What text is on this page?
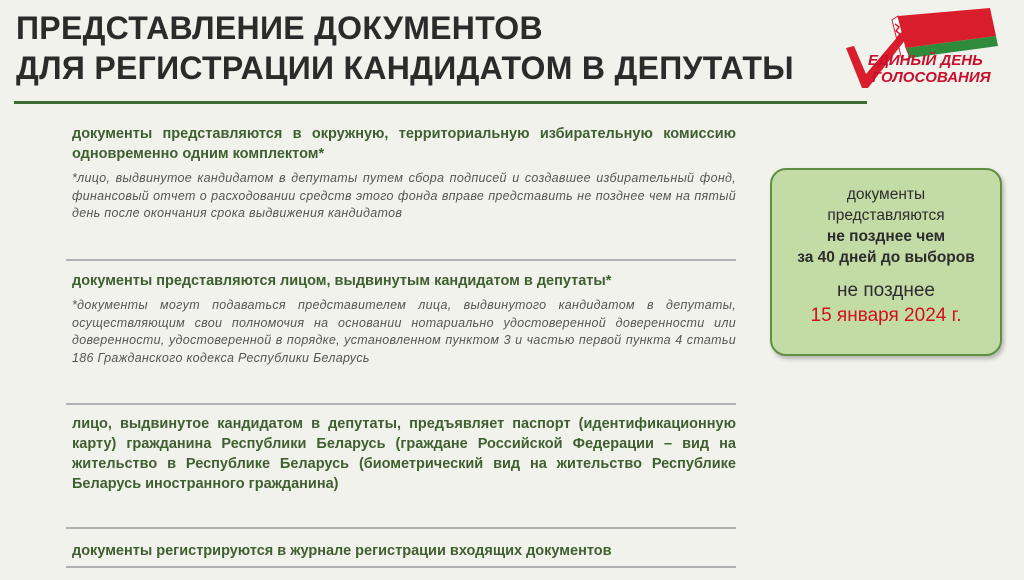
ПРЕДСТАВЛЕНИЕ ДОКУМЕНТОВ
ДЛЯ РЕГИСТРАЦИИ КАНДИДАТОМ В ДЕПУТАТЫ	ЕДИНЫЙ ДЕНЬ
ГОЛОСОВАНИЯ
документы представляются в окружную, территориальную избирательную комиссию одновременно одним комплектом*
*лицо, выдвинутое кандидатом в депутаты путем сбора подписей и создавшее избирательный фонд, финансовый отчет о расходовании средств этого фонда вправе представить не позднее чем на пятый день после окончания срока выдвижения кандидатов
документы представляются лицом, выдвинутым кандидатом в депутаты*
*документы могут подаваться представителем лица, выдвинутого кандидатом в депутаты, осуществляющим свои полномочия на основании нотариально удостоверенной доверенности или доверенности, удостоверенной в порядке, установленном пунктом 3 и частью первой пункта 4 статьи 186 Гражданского кодекса Республики Беларусь
лицо, выдвинутое кандидатом в депутаты, предъявляет паспорт (идентификационную карту) гражданина Республики Беларусь (граждане Российской Федерации – вид на жительство в Республике Беларусь (биометрический вид на жительство Республике Беларусь иностранного гражданина)
документы регистрируются в журнале регистрации входящих документов
документы
представляются
не позднее чем
за 40 дней до выборов
не позднее
15 января 2024 г.
